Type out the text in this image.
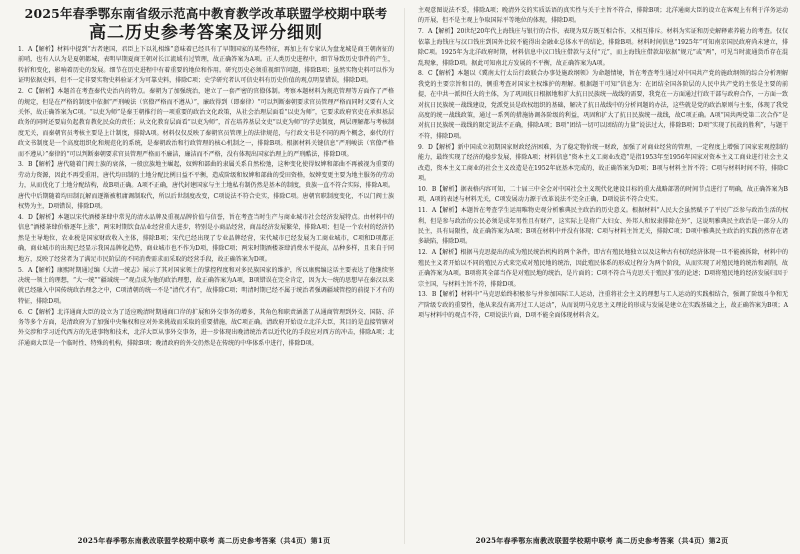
2025年春季鄂东南省级示范高中教育教学改革联盟学校期中联考
高二历史参考答案及评分细则

1．A【解析】材料中提到“古者建国，君臣上下以礼相维”意味着已经具有了早期国家的某些特征，再加上有专家认为盘龙城是商王朝南征的前哨，也有人认为是夏朝都城，表明早期夏商王朝对长江流域有过管理，故正确答案为A项。正人类历史进程中，细节导致历史事件的产生，转折和变化，影响着历史的发展。细节在历史进程中有着重要的地位和作用。研究历史必须重视细节问题，排除B项；虽然实物史料可以作为证明依据史料，但不一定非要实物史料验证才为可靠史料，排除C项；史学研究者认可信史料有历史价值的观点明显错误，排除D项。

2．C【解析】本题首在考查秦代史治内的特点。秦朝为了加强统治，建立了一套严密的官僚体制。考察本题材料为规范管理等方面作了严格的规定，但是在严格的制度中依据“严刑峻法（官僚严格而不遵从）”，廉政得到（即秦律）“可以判断秦朝要求官员管理严格而同时又要有人文关怀，故正确答案为C项。“以吏为师”是秦王朝推行的一项重要的政治文化政策，从社会治理层面看“以吏为师”，它要求政府官吏在承担基层政务的同时还要肩负起教育教化民众的责任；从文化教育层面看“以吏为师”，首在培养基层文吏“以吏为师”的学吏制度，两层理解都与考核制度无关，而秦朝官员考核主要是上计制度，排除A项。材料仅仅反映了秦朝官员管理上的法律规范，与行政文书是不同的两个概念，秦代的行政文书制度是一个高度组织化和规范化的系统，是秦朝政治和行政管理的核心机制之一，排除B项。根据材料关键信息“严刑峻法（官僚严格而不遵从）”秦律的“可以判断秦朝要求官员管理严格而不廉洁，廉洁而不严格，没有体现出国家治理上的严刑酷法，排除D项。

3．B【解析】唐代随着门阀士族的衰落，一般庶族地主崛起，奴婢和部曲的隶属关系自然松弛，这种变化使得奴婢和部曲不再被视为重要的劳动力资源，因此不再受重用，唐代均田制的土地分配比例日益不平衡，造成阶级和奴婢和部曲的受田资格，奴婢变更主要为地主服务的劳动力，从而优化了土地分配结构，故B项正确。A项不正确，唐代封建国家与主土地私有制仍然是基本的制度，贵族一直不符合实际，排除A项。唐代中后期随着均田制瓦解而逐渐被租庸调制取代，所以后世制度改变，C项说法不符合史实，排除C项。唐朝官职制度变化，不以门阀士族权势为主，D项错误，排除D项。

4．D【解析】本题以宋代酒楼茶肆中常见的清水品牌及重视品牌价值与信誉，旨在考查当时生产与商业城市社会经济发展特点。由材料中的信息“酒楼茶肆价格逐年上涨”，两宋时期饮食品业经营重大进步，特别是小商品经营，商品经济发展繁荣，排除A项；但是一个农村的经济仍然是主导地位，农业税是国家财政收入主体，排除B项；宋代已经出现了专业品牌经营，宋代城市已经发展为工商业城市，C项和D项都正确，商业城市的出现已经显示我国品牌化趋势，商业城市也不作为D项，排除C项；两宋时期酒楼茶肆消费水平提高，品种多样，且来自于同地方，反映了经营者为了满足市民阶层的不同消费需求而采取的经营手段，故正确答案为D项。

5．A【解析】康熙时期通过编《大清一统志》展示了其对国家领土的掌控程度和对多民族国家的维护，所以康熙编这话主要表达了他继续坚决统一领土的理想，“大一统”“疆域统一”观点成为他的政治理想，故正确答案为A项，B项错误在完全肯定，因为大一统的思想早在秦汉以来就已经融入中国传统政治理念之中，C项清朝的统一不是“清代才有”，故排除C项；明清时期已经不属于统治者强调疆域管控的前提下才有的特征，排除D项。

6．C【解析】北洋通商大臣的设立为了适应晚清时期通商口岸的扩展和外交事务的增多，其角色和职责涵盖了从通商管理到外交、国防、洋务等多个方面，是清政府为了加强中央集权和应对外来挑战而采取的重要措施，故C项正确。清政府开始设立北洋大臣，其目的是直接管辖对外交涉和学习近代西方的先进事物和技术，北洋大臣从事外交事务，进一步体现出晚清统治者以近代化的手段应对西方的冲击，排除A项；北洋通商大臣是一个临时性、特殊的机构，排除B项；晚清政府的外交仍然是在传统的中华体系中进行，排除D项。

2025年春季鄂东南教改联盟学校期中联考 高二历史参考答案（共4页）第1页

主观意图说法不妥，排除A项；晚清外交的实质话语的真实性与关于主旨不符合，排除B项；北洋通商大臣的设立在客观上有利于洋务运动的开展，但不是主观上争取国际平等地位的体现，排除D项。

7．A【解析】20世纪20年代上海钱庄与银行的合作，表现为双方既互相合作，又相互排斥。材料为实证和历史解释素养能力的考查。仅仅依靠上海钱庄与汉口钱庄到国外比较不能得出金融业总体水平的结论，排除B项。材料时间信息“1925年”可知南京国民政府尚未建立，排除C项。1925年为北洋政府时期，材料信息中汉口钱庄借款与支付“元”，而上海钱庄借款却依据“规元”或“两”，可见当时流通货币存在混乱现象，排除D项。据此可知南北方发展的不平衡，故正确答案为A项。

8．C【解析】本题以《冀南太行太岳行政联合办事处施政纲领》为命题情境，旨在考查考生通过对中国共产党的施政纲领的综合分析理解我党的主要宗旨和目的，侧重考查对国家主权维护的理解。根据题干可知“信息为：在团结全国各阶层的人民中共产党的主张是主要的前提，在中共一派担任大的主体，为了巩固抗日根据地和扩大抗日民族统一战线的需要，我党在一方面通过行政干部与政府合作，一方面一致对抗日民族统一战线建设，党派党员是政权组织的基础，解决了抗日战线中的分析问题的办法，这些就是党的政治原则与主张，体现了我党高度的统一战线政策，通过一系列的措施协调各阶级的利益，巩固和扩大了抗日民族统一战线，故C项正确。A项“国共两党第二次合作”是对抗日民族统一战线的限定说法不正确，排除A项；B项“团结一切可以团结的力量”说法过大，排除B项；D项“实现了抗战的胜利”，与题干不符，排除D项。

9．D【解析】新中国成立初期国家财政经济困难，为了稳定物价统一财政，加强了对商业经营的管理，一定程度上增强了国家宏观控制的能力，最终实现了经济的稳步发展，排除A项；材料信息“资本主义工商业改造”是指1953年至1956年国家对资本主义工商业进行社会主义改造，资本主义工商业的社会主义改造是在1952年底基本完成的，故正确答案为D项；B项与材料主旨不符；C项与材料时间不符，排除C项。

10．B【解析】据表格内容可知，二十届三中全会对中国社会主义现代化建设目标的重大战略部署的时间节点进行了明确，故正确答案为B项，A项的表述与材料无关，C项发展动力源于改革说法不完全正确，D项说法不符合史实。

11．A【解析】本题旨在考查学生运用唯物史观分析雅典民主政治的历史意义。根据材料“人民大会虽然赋予了平民广泛参与政治生活的权利，但是参与政治的公民必须是成年男性且有财产，这实际上是将广大妇女、外邦人和奴隶排除在外”，这说明雅典民主政治是一部分人的民主，具有局限性，故正确答案为A项；B项在材料中并没有体现；C项与材料主旨无关，排除C项；D项中雅典民主政治的实践仍然存在诸多缺陷，排除D项。

12．A【解析】根据马克思提出的成为殖民统治机构的两个条件，即古有殖民地独立以及这种古有权的经济体现一旦不能被拆除，材料中的殖民主义者开始以不同的殖民方式来完成对殖民地的统治，因此殖民体系的形成过程分为两个阶段，从而实现了对殖民地的统治和剥削，故正确答案为A项。B项将其全部当作是对殖民地的统治，是片面的；C项不符合马克思关于殖民扩张的论述；D项将殖民地的经济发展归因于宗主国，与材料主旨不符，排除D项。

13．B【解析】材料中“马克思始终积极参与并参加国际工人运动，注重将社会主义的理想与工人运动的实践相结合，强调了阶级斗争和无产阶级专政的重要性，他从来没有离开过工人运动”，从而说明马克思主义理论的形成与发展是建立在实践基础之上，故正确答案为B项；A项与材料中的观点不符，C项说法片面，D项不能全面体现材料含义。

2025年春季鄂东南教改联盟学校期中联考 高二历史参考答案（共4页）第2页
